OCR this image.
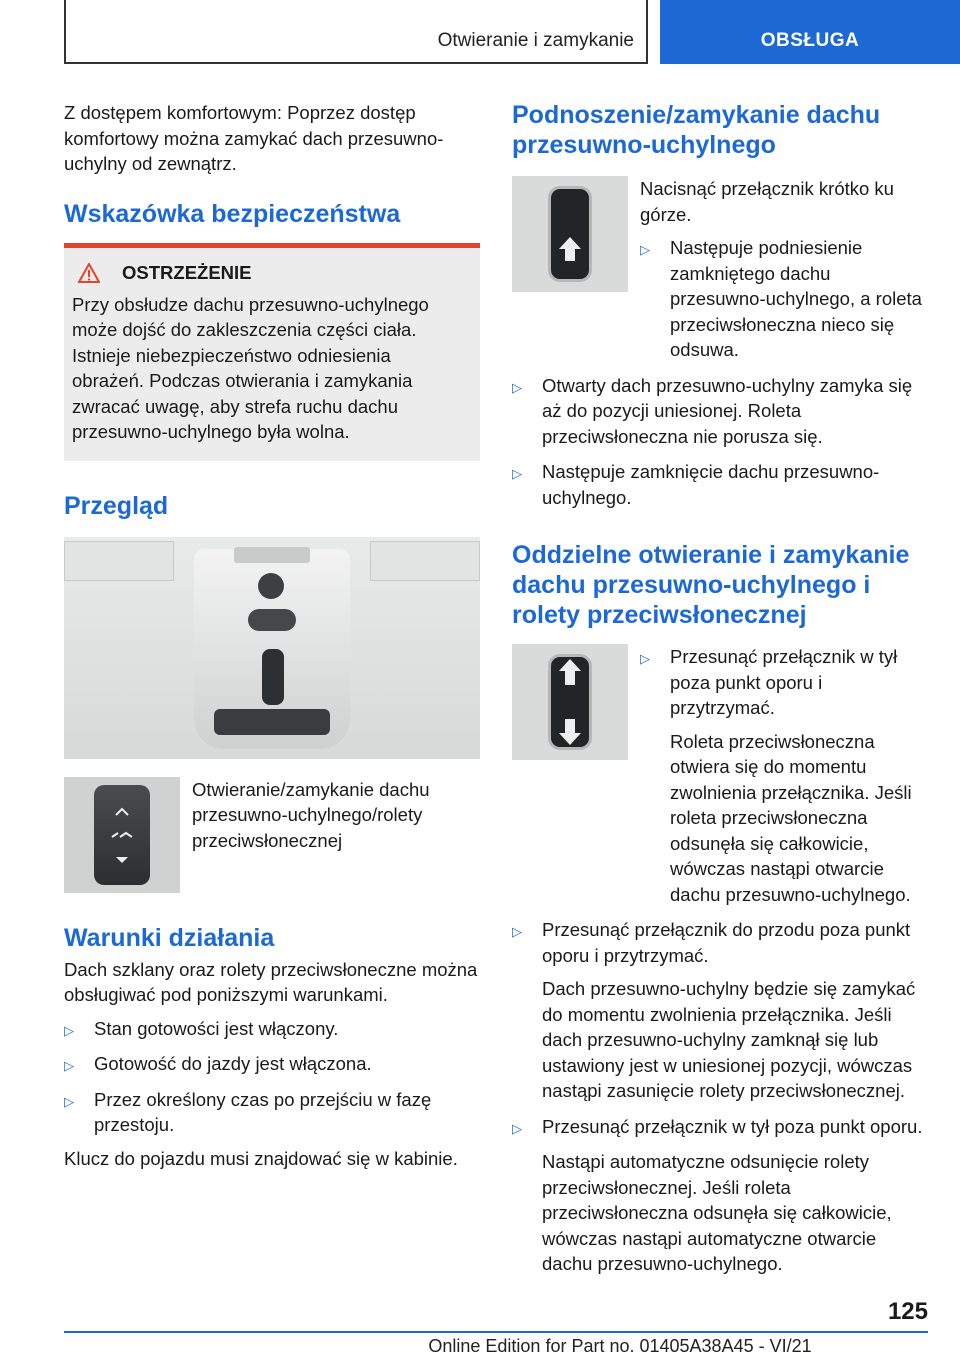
Otwieranie i zamykanie	OBSŁUGA

Z dostępem komfortowym: Poprzez dostęp komfortowy można zamykać dach przesuwno-uchylny od zewnątrz.

Wskazówka bezpieczeństwa
OSTRZEŻENIE

Przy obsłudze dachu przesuwno-uchylnego może dojść do zakleszczenia części ciała. Istnieje niebezpieczeństwo odniesienia obrażeń. Podczas otwierania i zamykania zwracać uwagę, aby strefa ruchu dachu przesuwno-uchylnego była wolna.

Przegląd

Otwieranie/zamykanie dachu przesuwno-uchylnego/rolety przeciwsłonecznej

Warunki działania

Dach szklany oraz rolety przeciwsłoneczne można obsługiwać pod poniższymi warunkami.

▷	Stan gotowości jest włączony.
▷	Gotowość do jazdy jest włączona.
▷	Przez określony czas po przejściu w fazę przestoju.

Klucz do pojazdu musi znajdować się w kabinie.

Podnoszenie/zamykanie dachu przesuwno-uchylnego

Nacisnąć przełącznik krótko ku górze.

▷	Następuje podniesienie zamkniętego dachu przesuwno-uchylnego, a roleta przeciwsłoneczna nieco się odsuwa.
▷	Otwarty dach przesuwno-uchylny zamyka się aż do pozycji uniesionej. Roleta przeciwsłoneczna nie porusza się.
▷	Następuje zamknięcie dachu przesuwno-uchylnego.
Oddzielne otwieranie i zamykanie dachu przesuwno-uchylnego i rolety przeciwsłonecznej
▷	Przesunąć przełącznik w tył poza punkt oporu i przytrzymać.

Roleta przeciwsłoneczna otwiera się do momentu zwolnienia przełącznika. Jeśli roleta przeciwsłoneczna odsunęła się całkowicie, wówczas nastąpi otwarcie dachu przesuwno-uchylnego.

▷	Przesunąć przełącznik do przodu poza punkt oporu i przytrzymać.

Dach przesuwno-uchylny będzie się zamykać do momentu zwolnienia przełącznika. Jeśli dach przesuwno-uchylny zamknął się lub ustawiony jest w uniesionej pozycji, wówczas nastąpi zasunięcie rolety przeciwsłonecznej.

▷	Przesunąć przełącznik w tył poza punkt oporu.

Nastąpi automatyczne odsunięcie rolety przeciwsłonecznej. Jeśli roleta przeciwsłoneczna odsunęła się całkowicie, wówczas nastąpi automatyczne otwarcie dachu przesuwno-uchylnego.

125
Online Edition for Part no. 01405A38A45 - VI/21
